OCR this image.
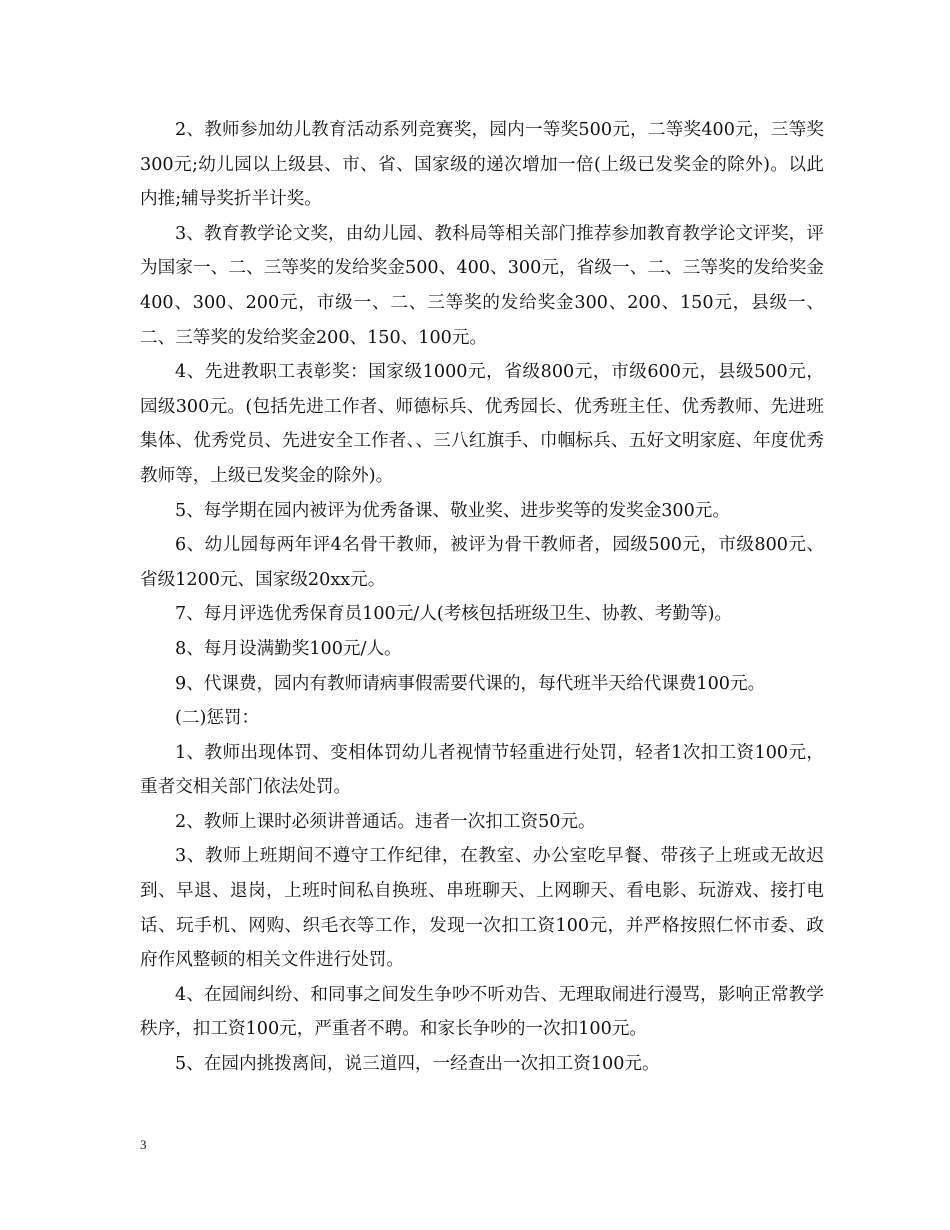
2、教师参加幼儿教育活动系列竞赛奖，园内一等奖500元，二等奖400元，三等奖300元;幼儿园以上级县、市、省、国家级的递次增加一倍(上级已发奖金的除外)。以此内推;辅导奖折半计奖。

3、教育教学论文奖，由幼儿园、教科局等相关部门推荐参加教育教学论文评奖，评为国家一、二、三等奖的发给奖金500、400、300元，省级一、二、三等奖的发给奖金400、300、200元，市级一、二、三等奖的发给奖金300、200、150元，县级一、二、三等奖的发给奖金200、150、100元。

4、先进教职工表彰奖：国家级1000元，省级800元，市级600元，县级500元，园级300元。(包括先进工作者、师德标兵、优秀园长、优秀班主任、优秀教师、先进班集体、优秀党员、先进安全工作者、、三八红旗手、巾帼标兵、五好文明家庭、年度优秀教师等，上级已发奖金的除外)。

5、每学期在园内被评为优秀备课、敬业奖、进步奖等的发奖金300元。

6、幼儿园每两年评4名骨干教师，被评为骨干教师者，园级500元，市级800元、省级1200元、国家级20xx元。

7、每月评选优秀保育员100元/人(考核包括班级卫生、协教、考勤等)。

8、每月设满勤奖100元/人。

9、代课费，园内有教师请病事假需要代课的，每代班半天给代课费100元。

(二)惩罚：

1、教师出现体罚、变相体罚幼儿者视情节轻重进行处罚，轻者1次扣工资100元，重者交相关部门依法处罚。

2、教师上课时必须讲普通话。违者一次扣工资50元。

3、教师上班期间不遵守工作纪律，在教室、办公室吃早餐、带孩子上班或无故迟到、早退、退岗，上班时间私自换班、串班聊天、上网聊天、看电影、玩游戏、接打电话、玩手机、网购、织毛衣等工作，发现一次扣工资100元，并严格按照仁怀市委、政府作风整顿的相关文件进行处罚。

4、在园闹纠纷、和同事之间发生争吵不听劝告、无理取闹进行漫骂，影响正常教学秩序，扣工资100元，严重者不聘。和家长争吵的一次扣100元。

5、在园内挑拨离间，说三道四，一经查出一次扣工资100元。

3
